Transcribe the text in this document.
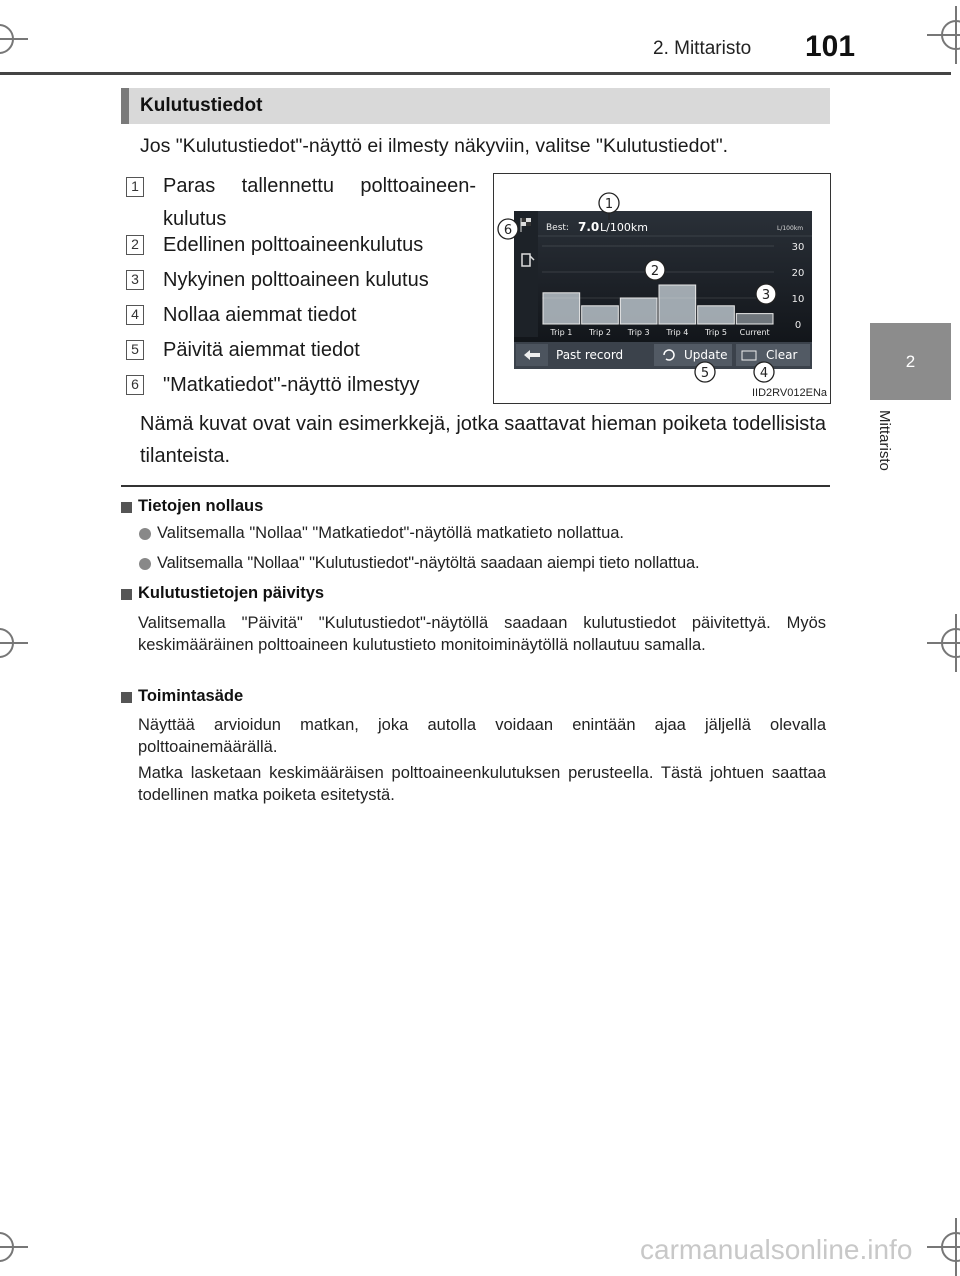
2. Mittaristo 101
2
Mittaristo
Kulutustiedot
Jos "Kulutustiedot"-näyttö ei ilmesty näkyviin, valitse "Kulutustiedot".
1 Paras tallennettu polttoaineen-kulutus
2 Edellinen polttoaineenkulutus
3 Nykyinen polttoaineen kulutus
4 Nollaa aiemmat tiedot
5 Päivitä aiemmat tiedot
6 "Matkatiedot"-näyttö ilmestyy
Best: 7.0 L/100km	L/100km
30
20
10
0
Trip 1 Trip 2 Trip 3 Trip 4 Trip 5 Current
Past record	Update	Clear
1
2
3
4
5
6
IID2RV012ENa
Nämä kuvat ovat vain esimerkkejä, jotka saattavat hieman poiketa todellisista tilanteista.
Tietojen nollaus
Valitsemalla "Nollaa" "Matkatiedot"-näytöllä matkatieto nollattua.
Valitsemalla "Nollaa" "Kulutustiedot"-näytöltä saadaan aiempi tieto nollattua.
Kulutustietojen päivitys
Valitsemalla "Päivitä" "Kulutustiedot"-näytöllä saadaan kulutustiedot päivitettyä. Myös keskimääräinen polttoaineen kulutustieto monitoiminäytöllä nollautuu samalla.
Toimintasäde
Näyttää arvioidun matkan, joka autolla voidaan enintään ajaa jäljellä olevalla polttoainemäärällä.
Matka lasketaan keskimääräisen polttoaineenkulutuksen perusteella. Tästä johtuen saattaa todellinen matka poiketa esitetystä.
carmanualsonline.info
